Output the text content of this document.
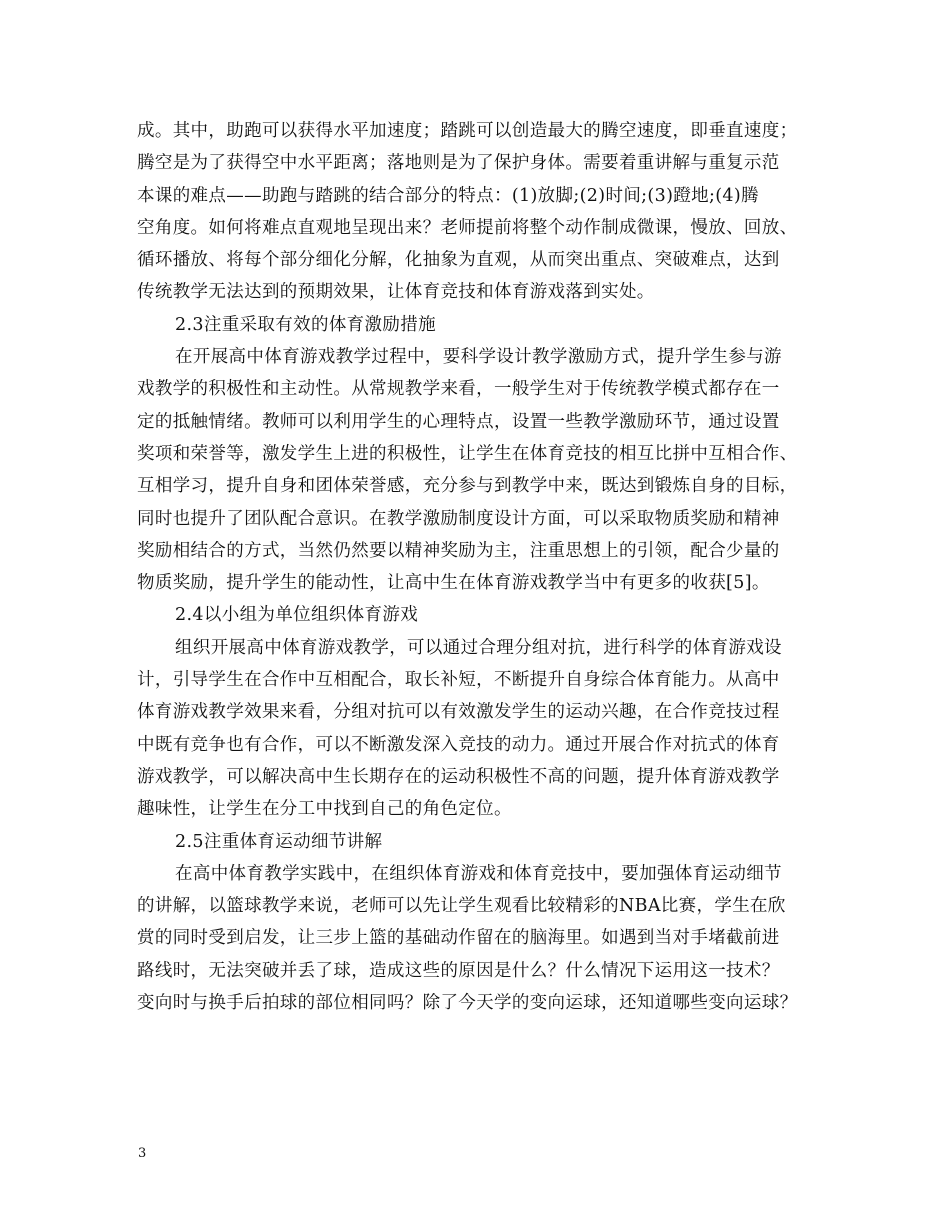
成。其中，助跑可以获得水平加速度；踏跳可以创造最大的腾空速度，即垂直速度；
腾空是为了获得空中水平距离；落地则是为了保护身体。需要着重讲解与重复示范
本课的难点——助跑与踏跳的结合部分的特点：(1)放脚;(2)时间;(3)蹬地;(4)腾
空角度。如何将难点直观地呈现出来？老师提前将整个动作制成微课，慢放、回放、
循环播放、将每个部分细化分解，化抽象为直观，从而突出重点、突破难点，达到
传统教学无法达到的预期效果，让体育竞技和体育游戏落到实处。
2.3注重采取有效的体育激励措施
在开展高中体育游戏教学过程中，要科学设计教学激励方式，提升学生参与游
戏教学的积极性和主动性。从常规教学来看，一般学生对于传统教学模式都存在一
定的抵触情绪。教师可以利用学生的心理特点，设置一些教学激励环节，通过设置
奖项和荣誉等，激发学生上进的积极性，让学生在体育竞技的相互比拼中互相合作、
互相学习，提升自身和团体荣誉感，充分参与到教学中来，既达到锻炼自身的目标，
同时也提升了团队配合意识。在教学激励制度设计方面，可以采取物质奖励和精神
奖励相结合的方式，当然仍然要以精神奖励为主，注重思想上的引领，配合少量的
物质奖励，提升学生的能动性，让高中生在体育游戏教学当中有更多的收获[5]。
2.4以小组为单位组织体育游戏
组织开展高中体育游戏教学，可以通过合理分组对抗，进行科学的体育游戏设
计，引导学生在合作中互相配合，取长补短，不断提升自身综合体育能力。从高中
体育游戏教学效果来看，分组对抗可以有效激发学生的运动兴趣，在合作竞技过程
中既有竞争也有合作，可以不断激发深入竞技的动力。通过开展合作对抗式的体育
游戏教学，可以解决高中生长期存在的运动积极性不高的问题，提升体育游戏教学
趣味性，让学生在分工中找到自己的角色定位。
2.5注重体育运动细节讲解
在高中体育教学实践中，在组织体育游戏和体育竞技中，要加强体育运动细节
的讲解，以篮球教学来说，老师可以先让学生观看比较精彩的NBA比赛，学生在欣
赏的同时受到启发，让三步上篮的基础动作留在的脑海里。如遇到当对手堵截前进
路线时，无法突破并丢了球，造成这些的原因是什么？什么情况下运用这一技术？
变向时与换手后拍球的部位相同吗？除了今天学的变向运球，还知道哪些变向运球？
3
